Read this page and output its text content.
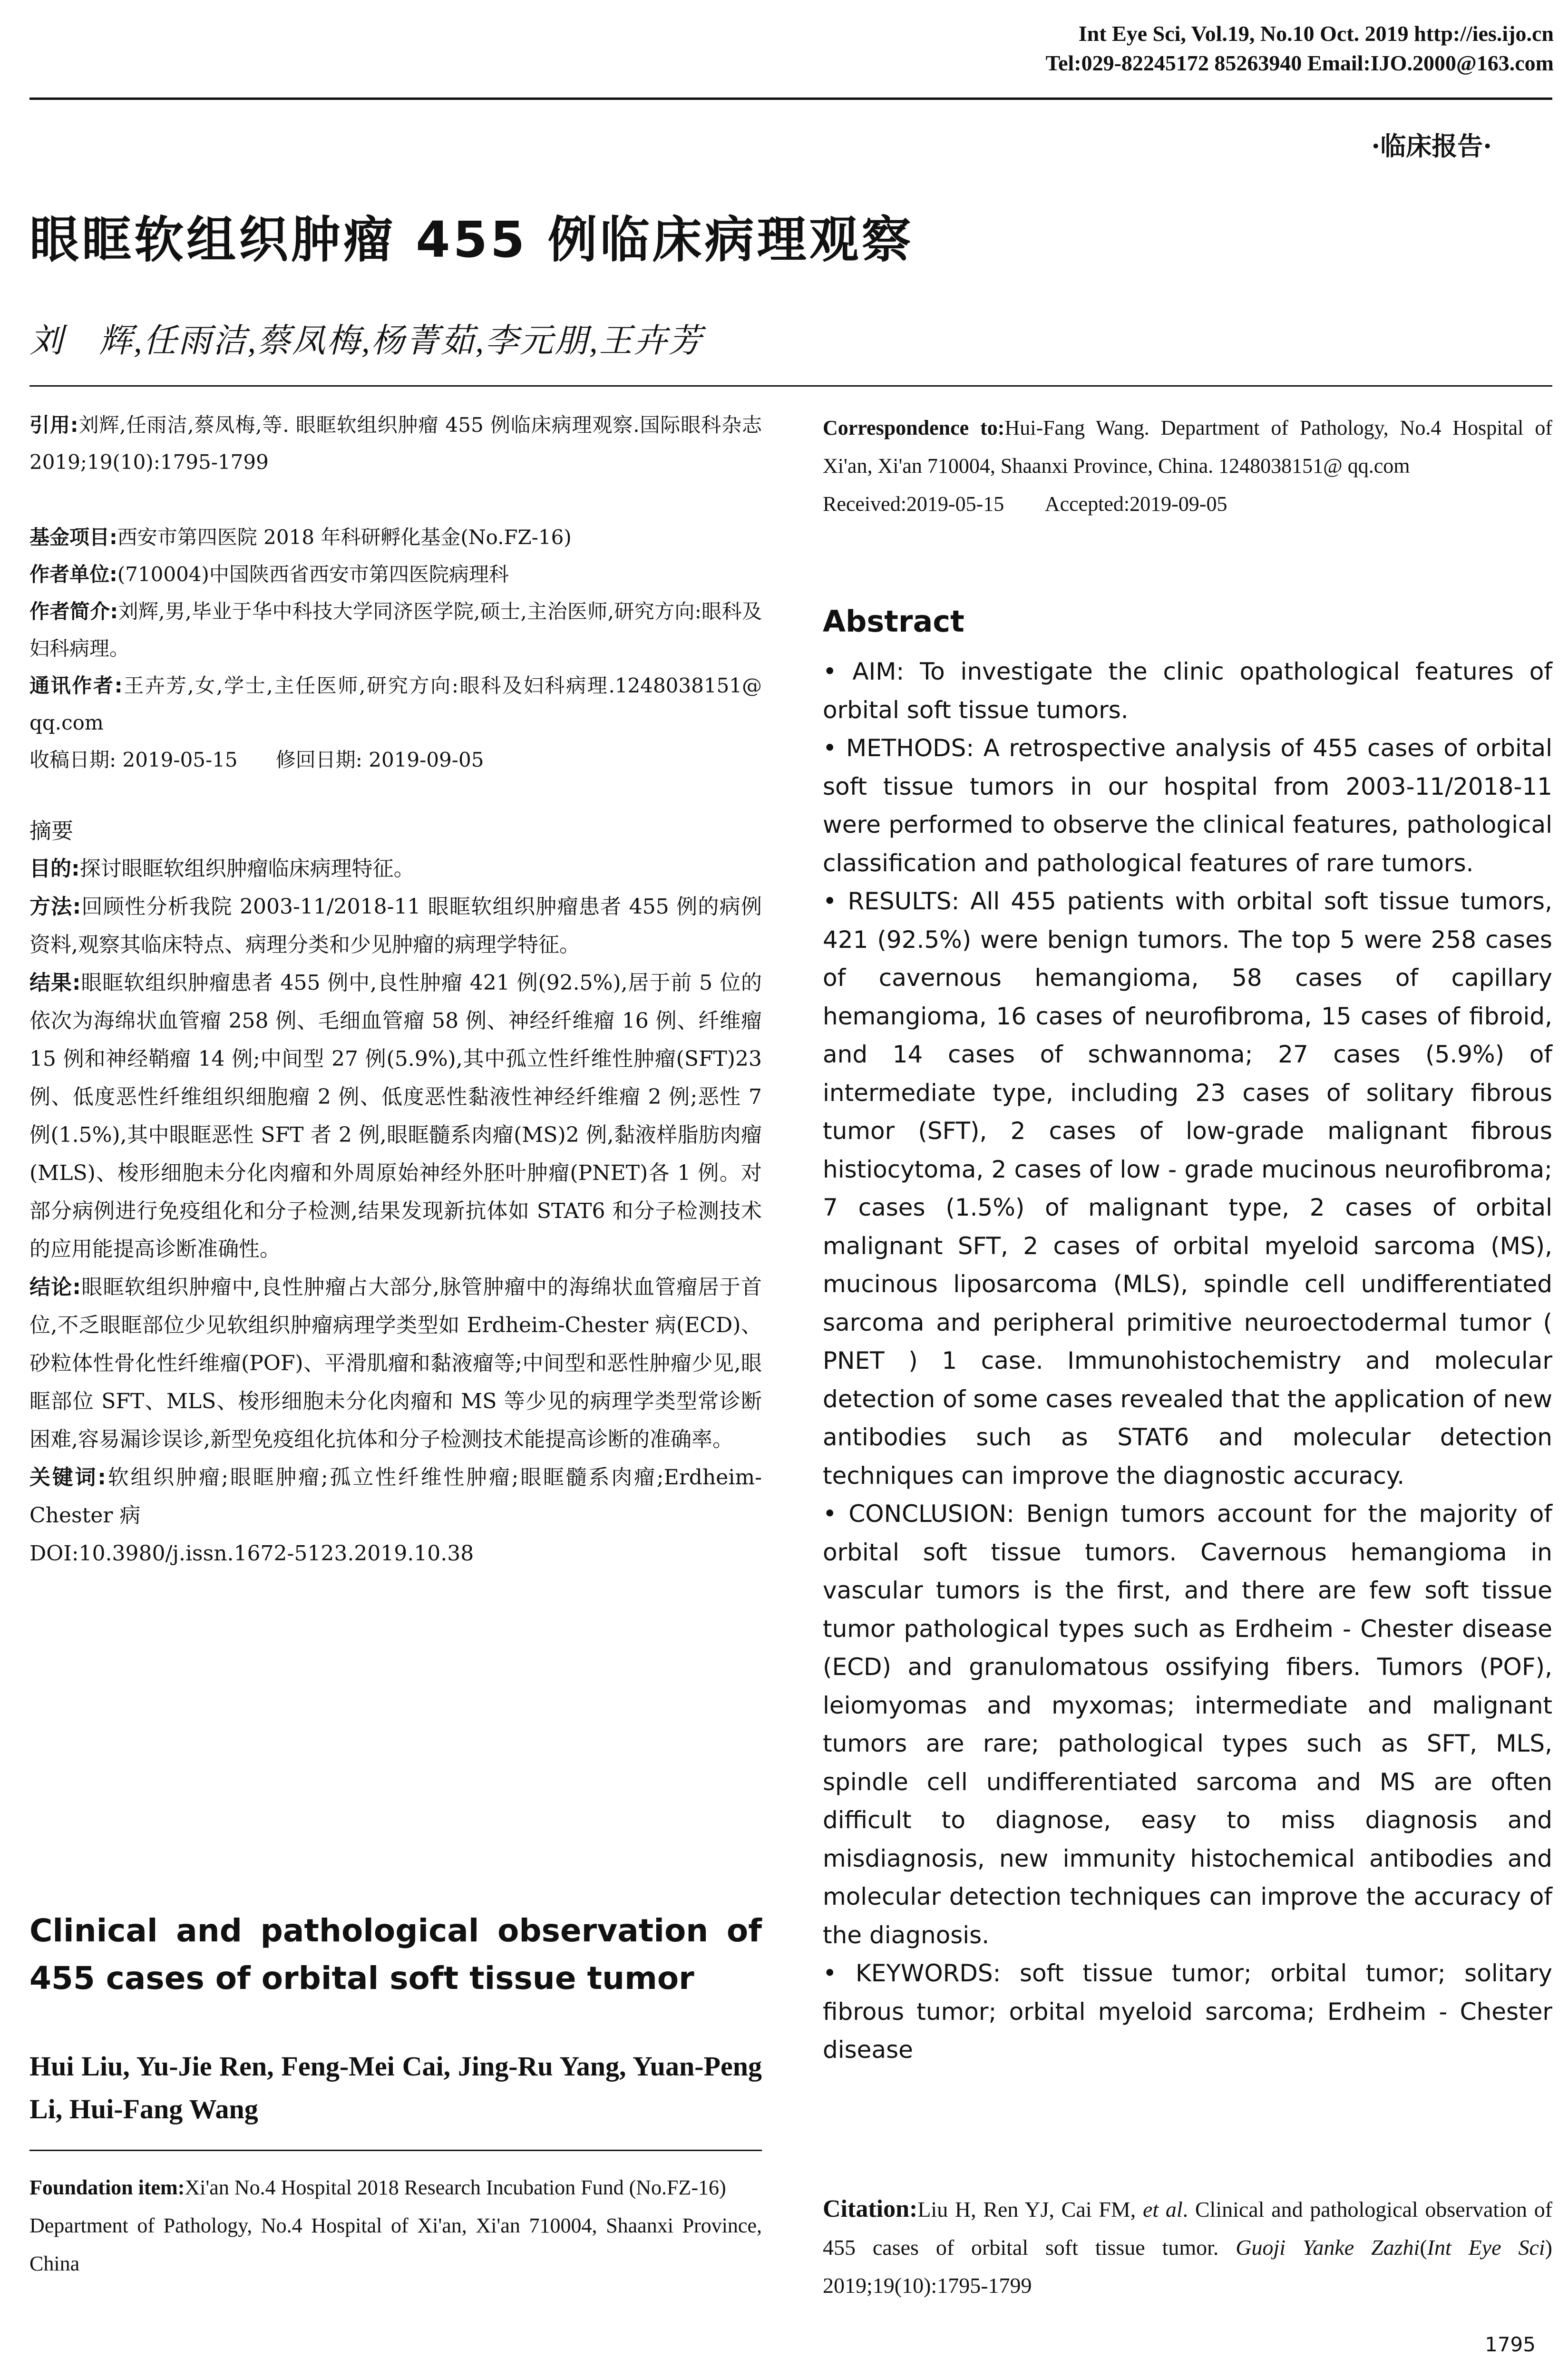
Int Eye Sci, Vol.19, No.10 Oct. 2019 http://ies.ijo.cn
Tel:029-82245172 85263940 Email:IJO.2000@163.com
·临床报告·
眼眶软组织肿瘤 455 例临床病理观察
刘　辉,任雨洁,蔡凤梅,杨菁茹,李元朋,王卉芳

引用:刘辉,任雨洁,蔡凤梅,等. 眼眶软组织肿瘤 455 例临床病理观察.国际眼科杂志 2019;19(10):1795-1799

基金项目:西安市第四医院 2018 年科研孵化基金(No.FZ-16)

作者单位:(710004)中国陕西省西安市第四医院病理科

作者简介:刘辉,男,毕业于华中科技大学同济医学院,硕士,主治医师,研究方向:眼科及妇科病理。

通讯作者:王卉芳,女,学士,主任医师,研究方向:眼科及妇科病理.1248038151@ qq.com

收稿日期: 2019-05-15      修回日期: 2019-09-05

摘要

目的:探讨眼眶软组织肿瘤临床病理特征。

方法:回顾性分析我院 2003-11/2018-11 眼眶软组织肿瘤患者 455 例的病例资料,观察其临床特点、病理分类和少见肿瘤的病理学特征。

结果:眼眶软组织肿瘤患者 455 例中,良性肿瘤 421 例(92.5%),居于前 5 位的依次为海绵状血管瘤 258 例、毛细血管瘤 58 例、神经纤维瘤 16 例、纤维瘤 15 例和神经鞘瘤 14 例;中间型 27 例(5.9%),其中孤立性纤维性肿瘤(SFT)23 例、低度恶性纤维组织细胞瘤 2 例、低度恶性黏液性神经纤维瘤 2 例;恶性 7 例(1.5%),其中眼眶恶性 SFT 者 2 例,眼眶髓系肉瘤(MS)2 例,黏液样脂肪肉瘤(MLS)、梭形细胞未分化肉瘤和外周原始神经外胚叶肿瘤(PNET)各 1 例。对部分病例进行免疫组化和分子检测,结果发现新抗体如 STAT6 和分子检测技术的应用能提高诊断准确性。

结论:眼眶软组织肿瘤中,良性肿瘤占大部分,脉管肿瘤中的海绵状血管瘤居于首位,不乏眼眶部位少见软组织肿瘤病理学类型如 Erdheim-Chester 病(ECD)、砂粒体性骨化性纤维瘤(POF)、平滑肌瘤和黏液瘤等;中间型和恶性肿瘤少见,眼眶部位 SFT、MLS、梭形细胞未分化肉瘤和 MS 等少见的病理学类型常诊断困难,容易漏诊误诊,新型免疫组化抗体和分子检测技术能提高诊断的准确率。

关键词:软组织肿瘤;眼眶肿瘤;孤立性纤维性肿瘤;眼眶髓系肉瘤;Erdheim-Chester 病

DOI:10.3980/j.issn.1672-5123.2019.10.38

Clinical and pathological observation of 455 cases of orbital soft tissue tumor
Hui Liu, Yu-Jie Ren, Feng-Mei Cai, Jing-Ru Yang, Yuan-Peng Li, Hui-Fang Wang

Foundation item:Xi'an No.4 Hospital 2018 Research Incubation Fund (No.FZ-16)

Department of Pathology, No.4 Hospital of Xi'an, Xi'an 710004, Shaanxi Province, China

Correspondence to:Hui-Fang Wang. Department of Pathology, No.4 Hospital of Xi'an, Xi'an 710004, Shaanxi Province, China. 1248038151@ qq.com

Received:2019-05-15        Accepted:2019-09-05

Abstract

• AIM: To investigate the clinic opathological features of orbital soft tissue tumors.

• METHODS: A retrospective analysis of 455 cases of orbital soft tissue tumors in our hospital from 2003-11/2018-11 were performed to observe the clinical features, pathological classification and pathological features of rare tumors.

• RESULTS: All 455 patients with orbital soft tissue tumors, 421 (92.5%) were benign tumors. The top 5 were 258 cases of cavernous hemangioma, 58 cases of capillary hemangioma, 16 cases of neurofibroma, 15 cases of fibroid, and 14 cases of schwannoma; 27 cases (5.9%) of intermediate type, including 23 cases of solitary fibrous tumor (SFT), 2 cases of low-grade malignant fibrous histiocytoma, 2 cases of low - grade mucinous neurofibroma; 7 cases (1.5%) of malignant type, 2 cases of orbital malignant SFT, 2 cases of orbital myeloid sarcoma (MS), mucinous liposarcoma (MLS), spindle cell undifferentiated sarcoma and peripheral primitive neuroectodermal tumor ( PNET ) 1 case. Immunohistochemistry and molecular detection of some cases revealed that the application of new antibodies such as STAT6 and molecular detection techniques can improve the diagnostic accuracy.

• CONCLUSION: Benign tumors account for the majority of orbital soft tissue tumors. Cavernous hemangioma in vascular tumors is the first, and there are few soft tissue tumor pathological types such as Erdheim - Chester disease (ECD) and granulomatous ossifying fibers. Tumors (POF), leiomyomas and myxomas; intermediate and malignant tumors are rare; pathological types such as SFT, MLS, spindle cell undifferentiated sarcoma and MS are often difficult to diagnose, easy to miss diagnosis and misdiagnosis, new immunity histochemical antibodies and molecular detection techniques can improve the accuracy of the diagnosis.

• KEYWORDS: soft tissue tumor; orbital tumor; solitary fibrous tumor; orbital myeloid sarcoma; Erdheim - Chester disease

Citation:Liu H, Ren YJ, Cai FM, et al. Clinical and pathological observation of 455 cases of orbital soft tissue tumor. Guoji Yanke Zazhi(Int Eye Sci) 2019;19(10):1795-1799
1795
